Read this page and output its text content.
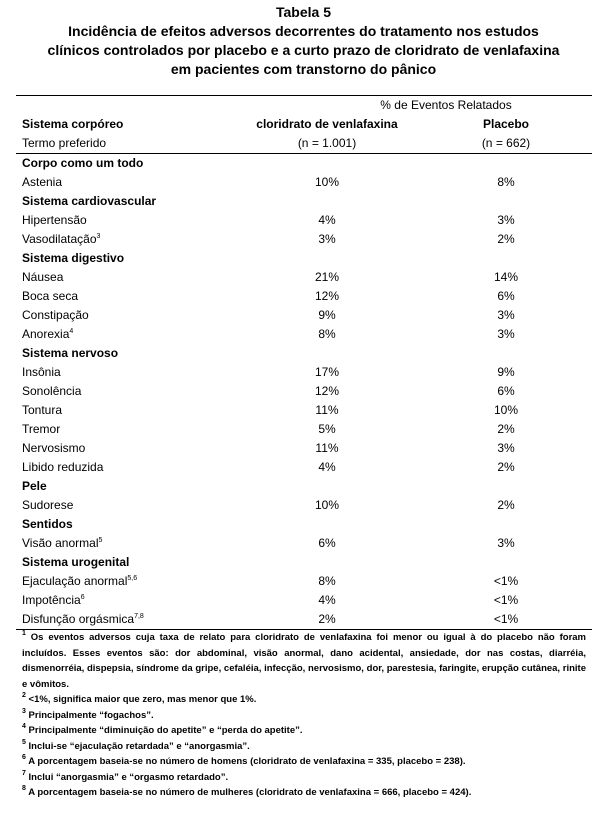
Tabela 5
Incidência de efeitos adversos decorrentes do tratamento nos estudos
clínicos controlados por placebo e a curto prazo de cloridrato de venlafaxina
em pacientes com transtorno do pânico
% de Eventos Relatados
Sistema corpóreo	cloridrato de venlafaxina	Placebo
Termo preferido	(n = 1.001)	(n = 662)
Corpo como um todo
Astenia	10%	8%
Sistema cardiovascular
Hipertensão	4%	3%
Vasodilatação$^3$	3%	2%
Sistema digestivo
Náusea	21%	14%
Boca seca	12%	6%
Constipação	9%	3%
Anorexia$^4$	8%	3%
Sistema nervoso
Insônia	17%	9%
Sonolência	12%	6%
Tontura	11%	10%
Tremor	5%	2%
Nervosismo	11%	3%
Libido reduzida	4%	2%
Pele
Sudorese	10%	2%
Sentidos
Visão anormal$^5$	6%	3%
Sistema urogenital
Ejaculação anormal$^{5,6}$	8%	<1%
Impotência$^6$	4%	<1%
Disfunção orgásmica$^{7,8}$	2%	<1%
$^1$ Os eventos adversos cuja taxa de relato para cloridrato de venlafaxina foi menor ou igual à do placebo não foram incluídos. Esses eventos são: dor abdominal, visão anormal, dano acidental, ansiedade, dor nas costas, diarréia, dismenorréia, dispepsia, síndrome da gripe, cefaléia, infecção, nervosismo, dor, parestesia, faringite, erupção cutânea, rinite e vômitos.
$^2$ <1%, significa maior que zero, mas menor que 1%.
$^3$ Principalmente “fogachos”.
$^4$ Principalmente “diminuição do apetite” e “perda do apetite”.
$^5$ Inclui-se “ejaculação retardada” e “anorgasmia”.
$^6$ A porcentagem baseia-se no número de homens (cloridrato de venlafaxina = 335, placebo = 238).
$^7$ Inclui “anorgasmia” e “orgasmo retardado”.
$^8$ A porcentagem baseia-se no número de mulheres (cloridrato de venlafaxina = 666, placebo = 424).
